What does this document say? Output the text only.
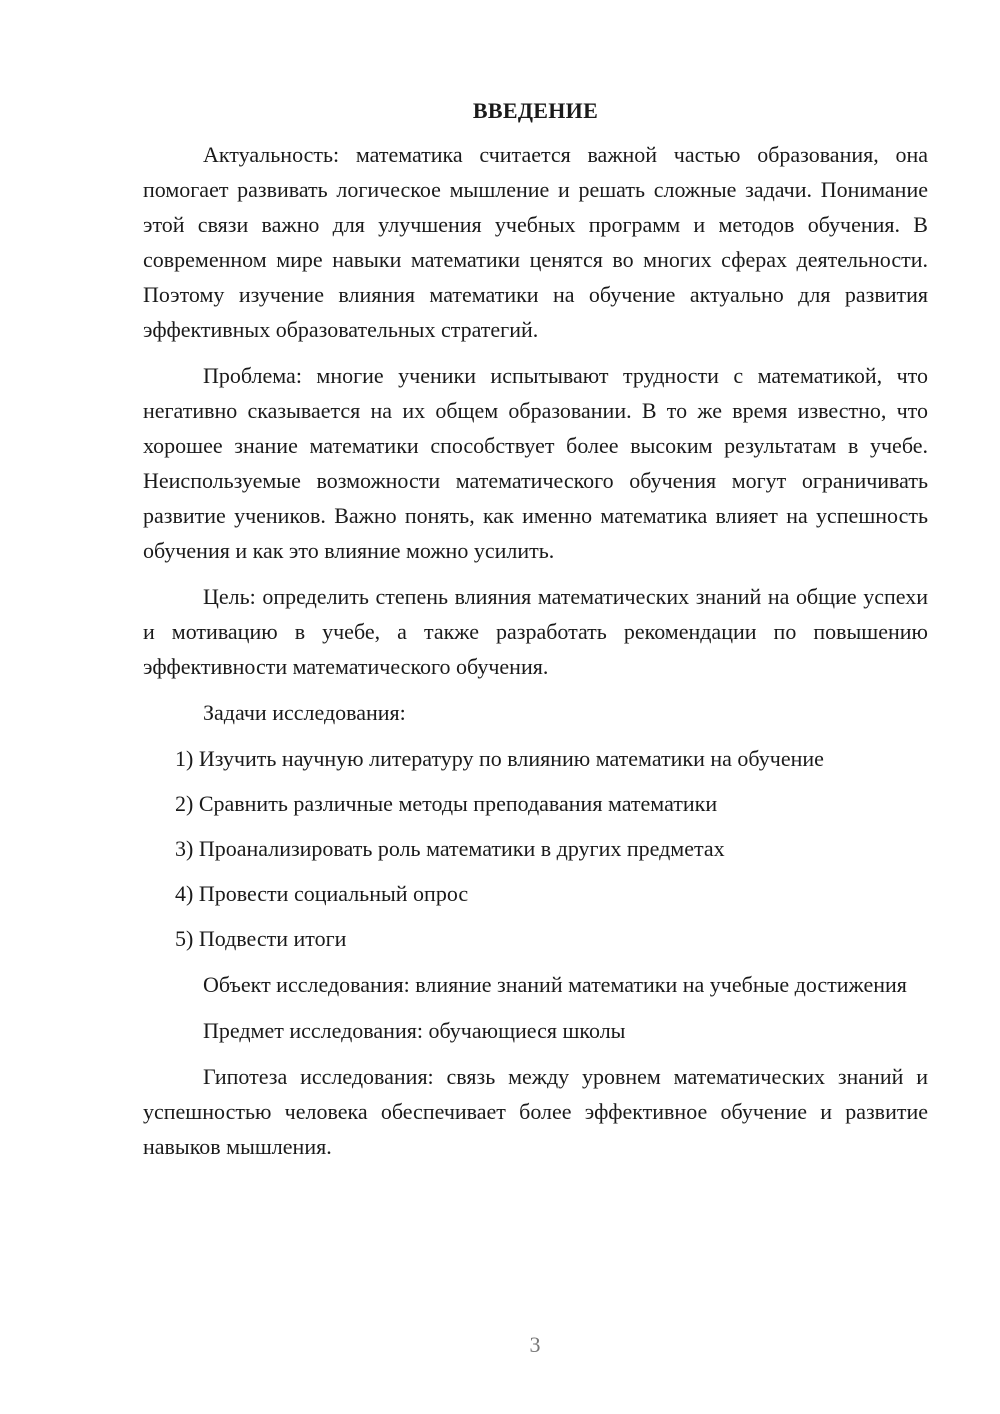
ВВЕДЕНИЕ

Актуальность: математика считается важной частью образования, она помогает развивать логическое мышление и решать сложные задачи. Понимание этой связи важно для улучшения учебных программ и методов обучения. В современном мире навыки математики ценятся во многих сферах деятельности. Поэтому изучение влияния математики на обучение актуально для развития эффективных образовательных стратегий.

Проблема: многие ученики испытывают трудности с математикой, что негативно сказывается на их общем образовании. В то же время известно, что хорошее знание математики способствует более высоким результатам в учебе. Неиспользуемые возможности математического обучения могут ограничивать развитие учеников. Важно понять, как именно математика влияет на успешность обучения и как это влияние можно усилить.

Цель: определить степень влияния математических знаний на общие успехи и мотивацию в учебе, а также разработать рекомендации по повышению эффективности математического обучения.

Задачи исследования:

1) Изучить научную литературу по влиянию математики на обучение
2) Сравнить различные методы преподавания математики
3) Проанализировать роль математики в других предметах
4) Провести социальный опрос
5) Подвести итоги

Объект исследования: влияние знаний математики на учебные достижения

Предмет исследования: обучающиеся школы

Гипотеза исследования: связь между уровнем математических знаний и успешностью человека обеспечивает более эффективное обучение и развитие навыков мышления.

3
